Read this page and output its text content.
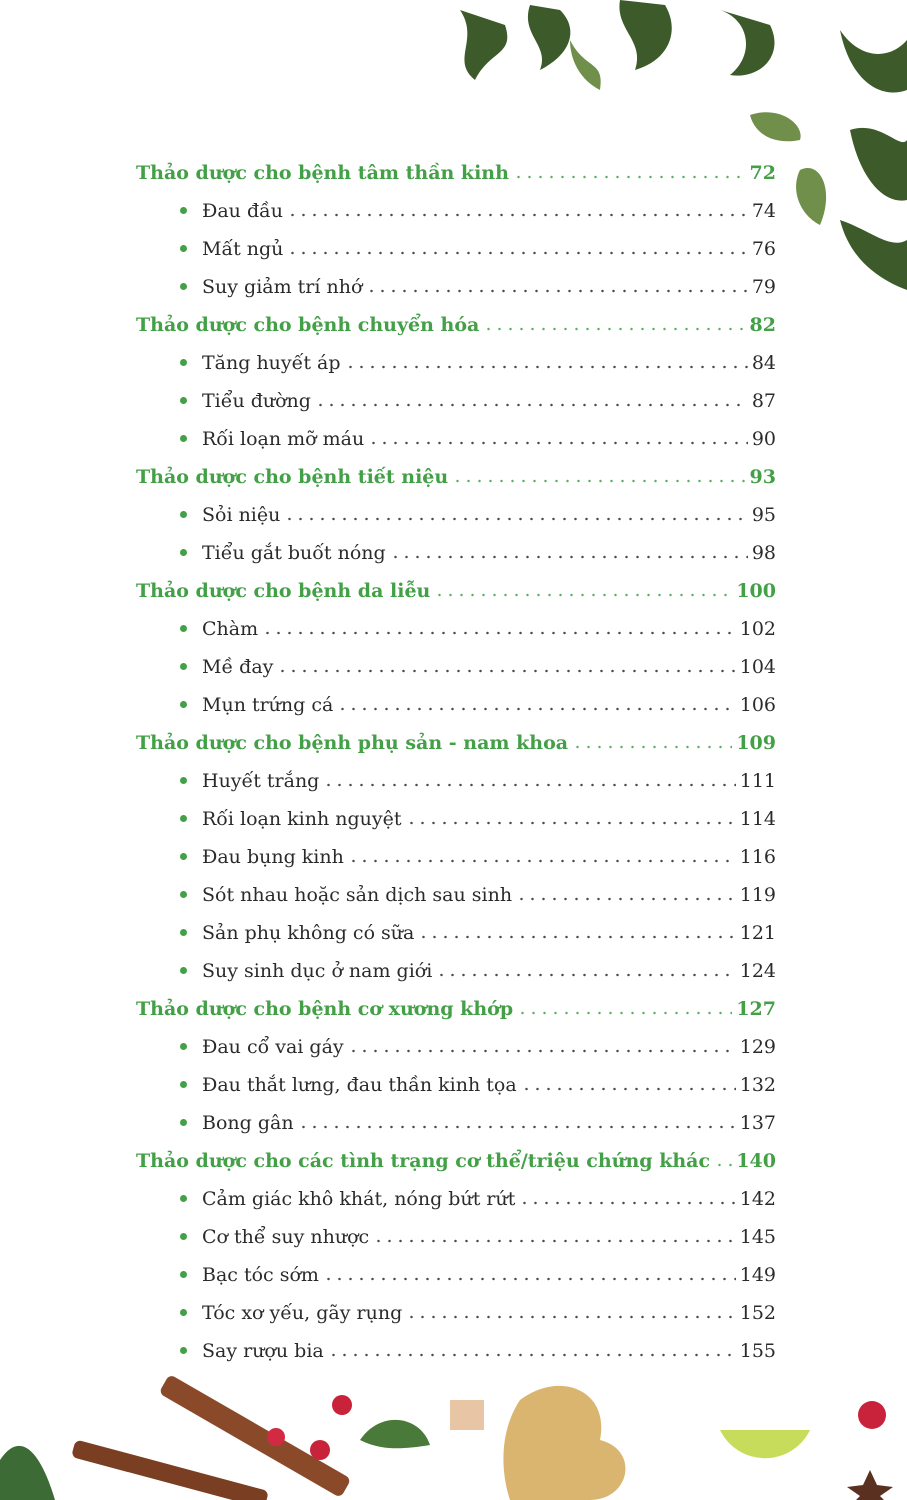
Thảo dược cho bệnh tâm thần kinh	72
Đau đầu	74
Mất ngủ	76
Suy giảm trí nhớ	79
Thảo dược cho bệnh chuyển hóa	82
Tăng huyết áp	84
Tiểu đường	87
Rối loạn mỡ máu	90
Thảo dược cho bệnh tiết niệu	93
Sỏi niệu	95
Tiểu gắt buốt nóng	98
Thảo dược cho bệnh da liễu	100
Chàm	102
Mề đay	104
Mụn trứng cá	106
Thảo dược cho bệnh phụ sản - nam khoa	109
Huyết trắng	111
Rối loạn kinh nguyệt	114
Đau bụng kinh	116
Sót nhau hoặc sản dịch sau sinh	119
Sản phụ không có sữa	121
Suy sinh dục ở nam giới	124
Thảo dược cho bệnh cơ xương khớp	127
Đau cổ vai gáy	129
Đau thắt lưng, đau thần kinh tọa	132
Bong gân	137
Thảo dược cho các tình trạng cơ thể/triệu chứng khác 140
Cảm giác khô khát, nóng bứt rứt	142
Cơ thể suy nhược	145
Bạc tóc sớm	149
Tóc xơ yếu, gãy rụng	152
Say rượu bia	155
